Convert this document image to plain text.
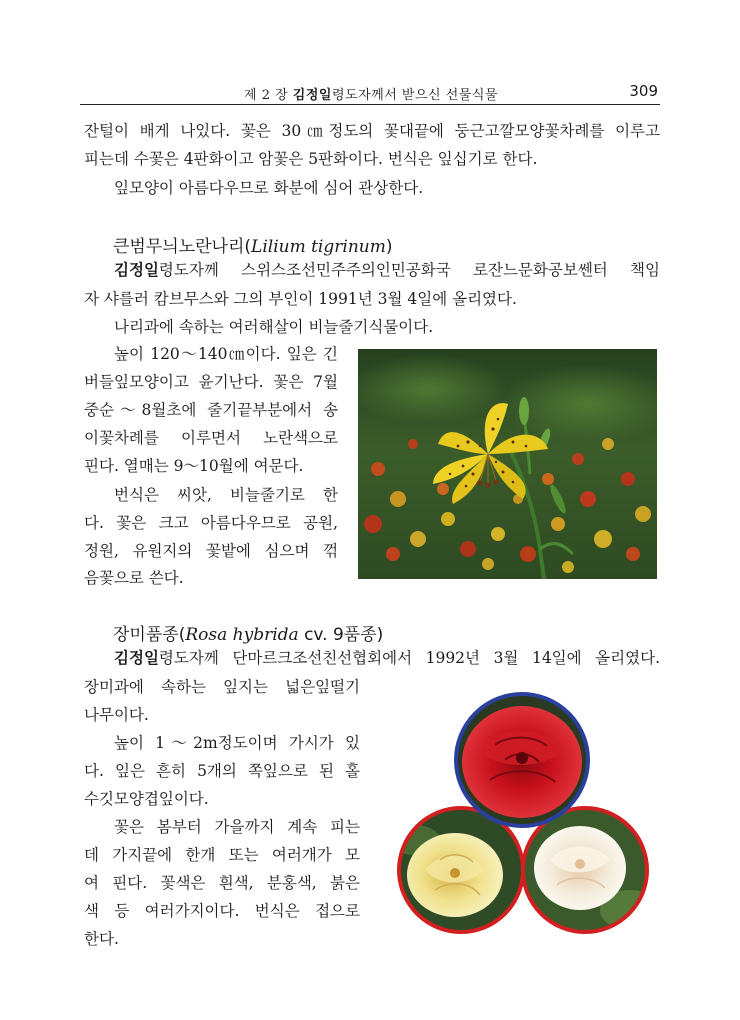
제 2 장 김정일령도자께서 받으신 선물식물	309
잔털이 배게 나있다. 꽃은 30㎝정도의 꽃대끝에 둥근고깔모양꽃차례를 이루고
피는데 수꽃은 4판화이고 암꽃은 5판화이다. 번식은 잎십기로 한다.
잎모양이 아름다우므로 화분에 심어 관상한다.
큰범무늬노란나리(Lilium tigrinum)
김정일령도자께 스위스조선민주주의인민공화국 로잔느문화공보쎈터 책임
자 샤를러 캄브무스와 그의 부인이 1991년 3월 4일에 올리였다.
나리과에 속하는 여러해살이 비늘줄기식물이다.
높이 120～140㎝이다. 잎은 긴
버들잎모양이고 윤기난다. 꽃은 7월
중순～8월초에 줄기끝부분에서 송
이꽃차례를 이루면서 노란색으로
핀다. 열매는 9～10월에 여문다.
번식은 씨앗, 비늘줄기로 한
다. 꽃은 크고 아름다우므로 공원,
정원, 유원지의 꽃밭에 심으며 꺾
음꽃으로 쓴다.
장미품종(Rosa hybrida cv. 9품종)
김정일령도자께 단마르크조선친선협회에서 1992년 3월 14일에 올리였다.
장미과에 속하는 잎지는 넓은잎떨기
나무이다.
높이 1～2m정도이며 가시가 있
다. 잎은 흔히 5개의 쪽잎으로 된 홀
수깃모양겹잎이다.
꽃은 봄부터 가을까지 계속 피는
데 가지끝에 한개 또는 여러개가 모
여 핀다. 꽃색은 흰색, 분홍색, 붉은
색 등 여러가지이다. 번식은 접으로
한다.
